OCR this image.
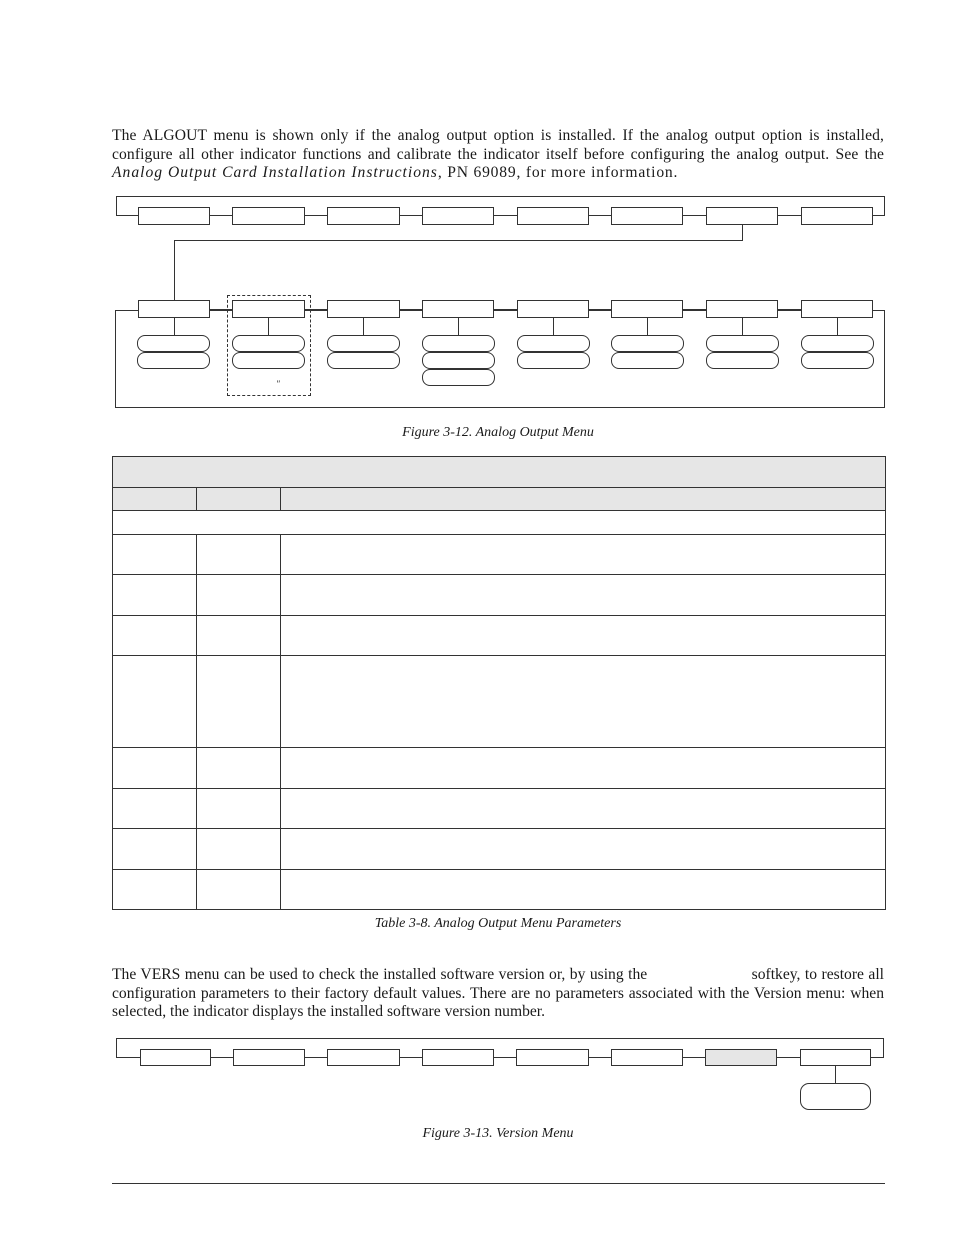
The ALGOUT menu is shown only if the analog output option is installed. If the analog output option is installed, configure all other indicator functions and calibrate the indicator itself before configuring the analog output. See the Analog Output Card Installation Instructions, PN 69089, for more information.

"

Figure 3-12. Analog Output Menu

Table 3-8. Analog Output Menu Parameters

The VERS menu can be used to check the installed software version or, by using the	softkey, to restore all configuration parameters to their factory default values. There are no parameters associated with the Version menu: when selected, the indicator displays the installed software version number.

Figure 3-13. Version Menu
